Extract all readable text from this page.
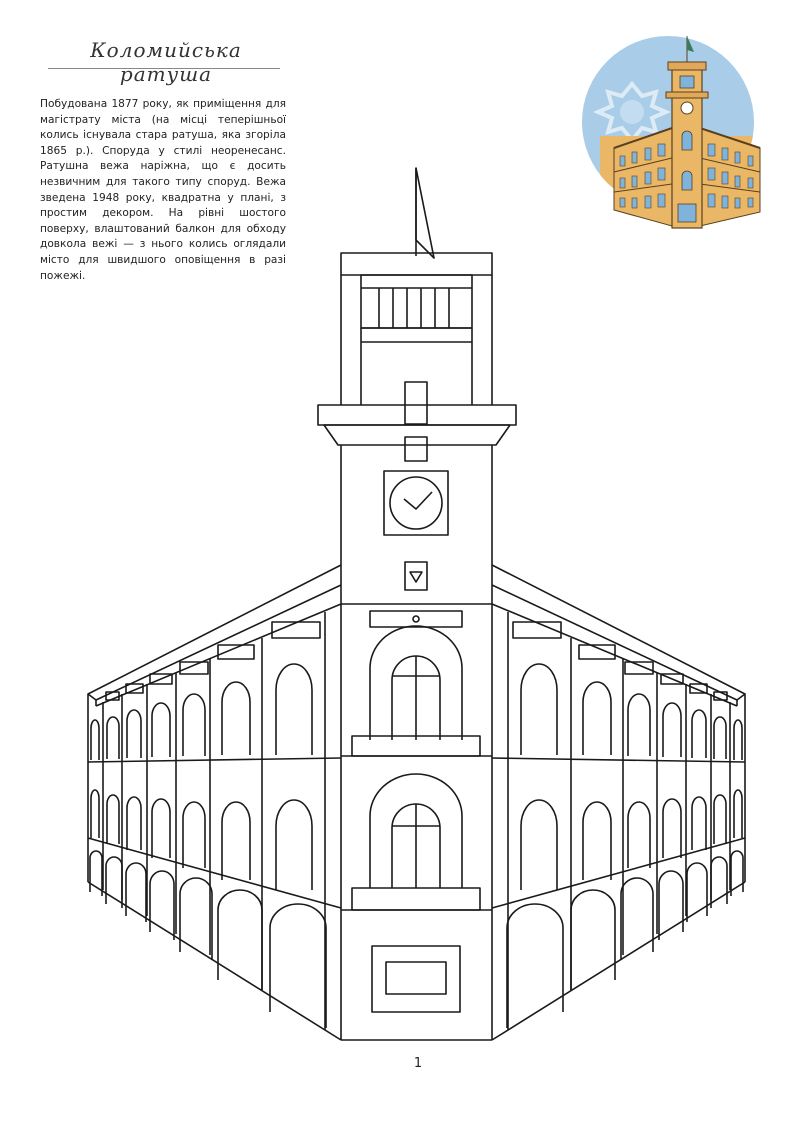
Коломийська ратуша

Побудована 1877 року, як приміщення для магістрату міста (на місці теперішньої колись існувала стара ратуша, яка згоріла 1865 р.). Споруда у стилі неоренесанс. Ратушна вежа наріжна, що є досить незвичним для такого типу споруд. Вежа зведена 1948 року, квадратна у плані, з простим декором. На рівні шостого поверху, влаштований балкон для обходу довкола вежі — з нього колись оглядали місто для швидшого оповіщення в разі пожежі.

1
